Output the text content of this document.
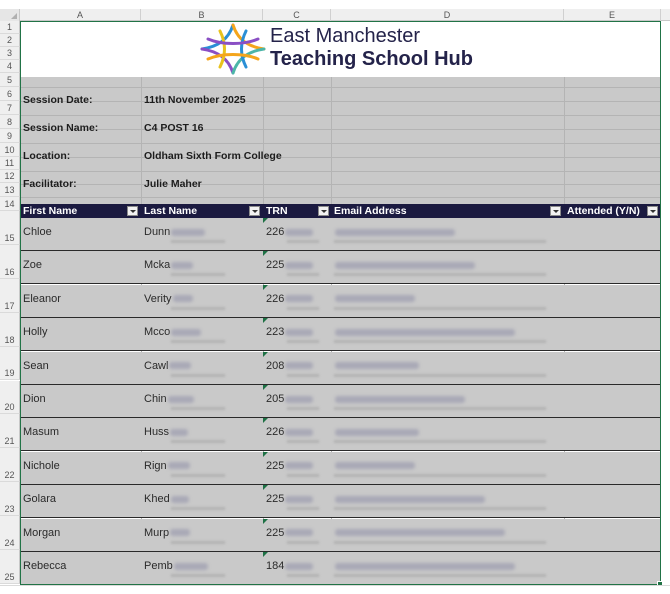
A	B	C	D	E
1
2
3
4
5
6
7
8
9
10
11
12
13
14
15
16
17
18
19
20
21
22
23
24
25
East Manchester
Teaching School Hub
Session Date:	11th November 2025
Session Name:	C4 POST 16
Location:	Oldham Sixth Form College
Facilitator:	Julie Maher
First Name	Last Name	TRN	Email Address	Attended (Y/N)
Chloe	Dunn	226
Zoe	Mcka	225
Eleanor	Verity	226
Holly	Mcco	223
Sean	Cawl	208
Dion	Chin	205
Masum	Huss	226
Nichole	Rign	225
Golara	Khed	225
Morgan	Murp	225
Rebecca	Pemb	184
